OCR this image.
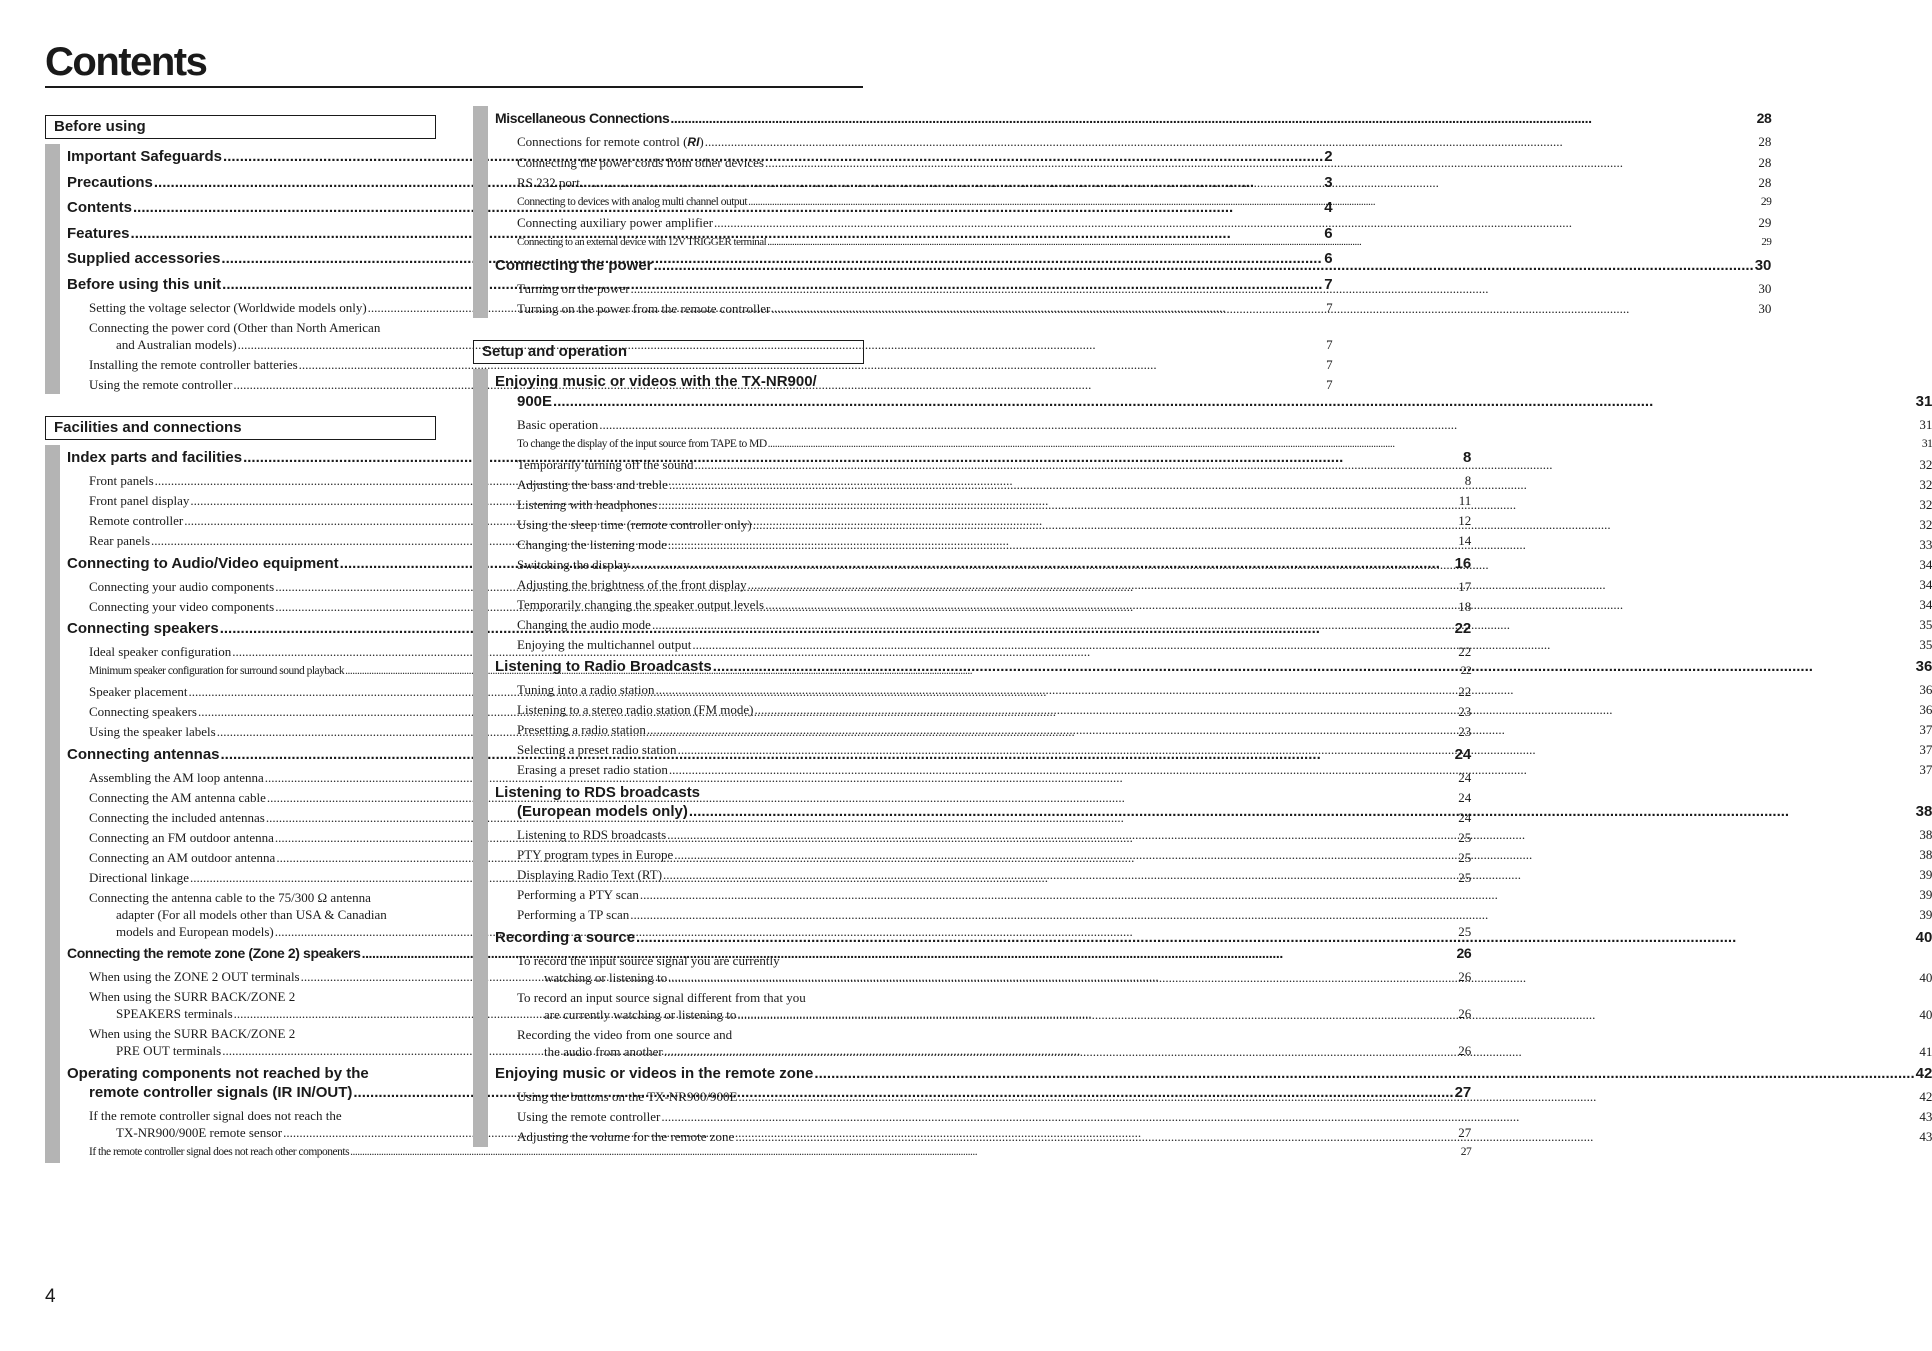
Contents
Before using
Important Safeguards .....	2
Precautions .....	3
Contents .....	4
Features .....	6
Supplied accessories .....	6
Before using this unit .....	7
Setting the voltage selector (Worldwide models only) .....	7
Connecting the power cord (Other than North American
and Australian models) .....	7
Installing the remote controller batteries .....	7
Using the remote controller .....	7
Facilities and connections
Index parts and facilities .....	8
Front panels .....	8
Front panel display .....	11
Remote controller .....	12
Rear panels .....	14
Connecting to Audio/Video equipment .....	16
Connecting your audio components .....	17
Connecting your video components .....	18
Connecting speakers .....	22
Ideal speaker configuration .....	22
Minimum speaker configuration for surround sound playback .....	22
Speaker placement .....	22
Connecting speakers .....	23
Using the speaker labels .....	23
Connecting antennas .....	24
Assembling the AM loop antenna .....	24
Connecting the AM antenna cable .....	24
Connecting the included antennas .....	24
Connecting an FM outdoor antenna .....	25
Connecting an AM outdoor antenna .....	25
Directional linkage .....	25
Connecting the antenna cable to the 75/300 Ω antenna
adapter (For all models other than USA & Canadian
models and European models) .....	25
Connecting the remote zone (Zone 2) speakers .....	26
When using the ZONE 2 OUT terminals .....	26
When using the SURR BACK/ZONE 2
SPEAKERS terminals .....	26
When using the SURR BACK/ZONE 2
PRE OUT terminals .....	26
Operating components not reached by the
remote controller signals (IR IN/OUT) .....	27
If the remote controller signal does not reach the
TX-NR900/900E remote sensor .....	27
If the remote controller signal does not reach other components .....	27
Miscellaneous Connections .....	28
Connections for remote control (RI) .....	28
Connecting the power cords from other devices .....	28
RS 232 port .....	28
Connecting to devices with analog multi channel output .....	29
Connecting auxiliary power amplifier .....	29
Connecting to an external device with 12V TRIGGER terminal .....	29
Connecting the power .....	30
Turning on the power .....	30
Turning on the power from the remote controller .....	30
Setup and operation
Enjoying music or videos with the TX-NR900/
900E .....	31
Basic operation .....	31
To change the display of the input source from TAPE to MD .....	31
Temporarily turning off the sound .....	32
Adjusting the bass and treble .....	32
Listening with headphones .....	32
Using the sleep time (remote controller only) .....	32
Changing the listening mode .....	33
Switching the display .....	34
Adjusting the brightness of the front display .....	34
Temporarily changing the speaker output levels .....	34
Changing the audio mode .....	35
Enjoying the multichannel output .....	35
Listening to Radio Broadcasts .....	36
Tuning into a radio station .....	36
Listening to a stereo radio station (FM mode) .....	36
Presetting a radio station .....	37
Selecting a preset radio station .....	37
Erasing a preset radio station .....	37
Listening to RDS broadcasts
(European models only) .....	38
Listening to RDS broadcasts .....	38
PTY program types in Europe .....	38
Displaying Radio Text (RT) .....	39
Performing a PTY scan .....	39
Performing a TP scan .....	39
Recording a source .....	40
To record the input source signal you are currently
watching or listening to .....	40
To record an input source signal different from that you
are currently watching or listening to .....	40
Recording the video from one source and
the audio from another .....	41
Enjoying music or videos in the remote zone .....	42
Using the buttons on the TX-NR900/900E .....	42
Using the remote controller .....	43
Adjusting the volume for the remote zone .....	43
4
